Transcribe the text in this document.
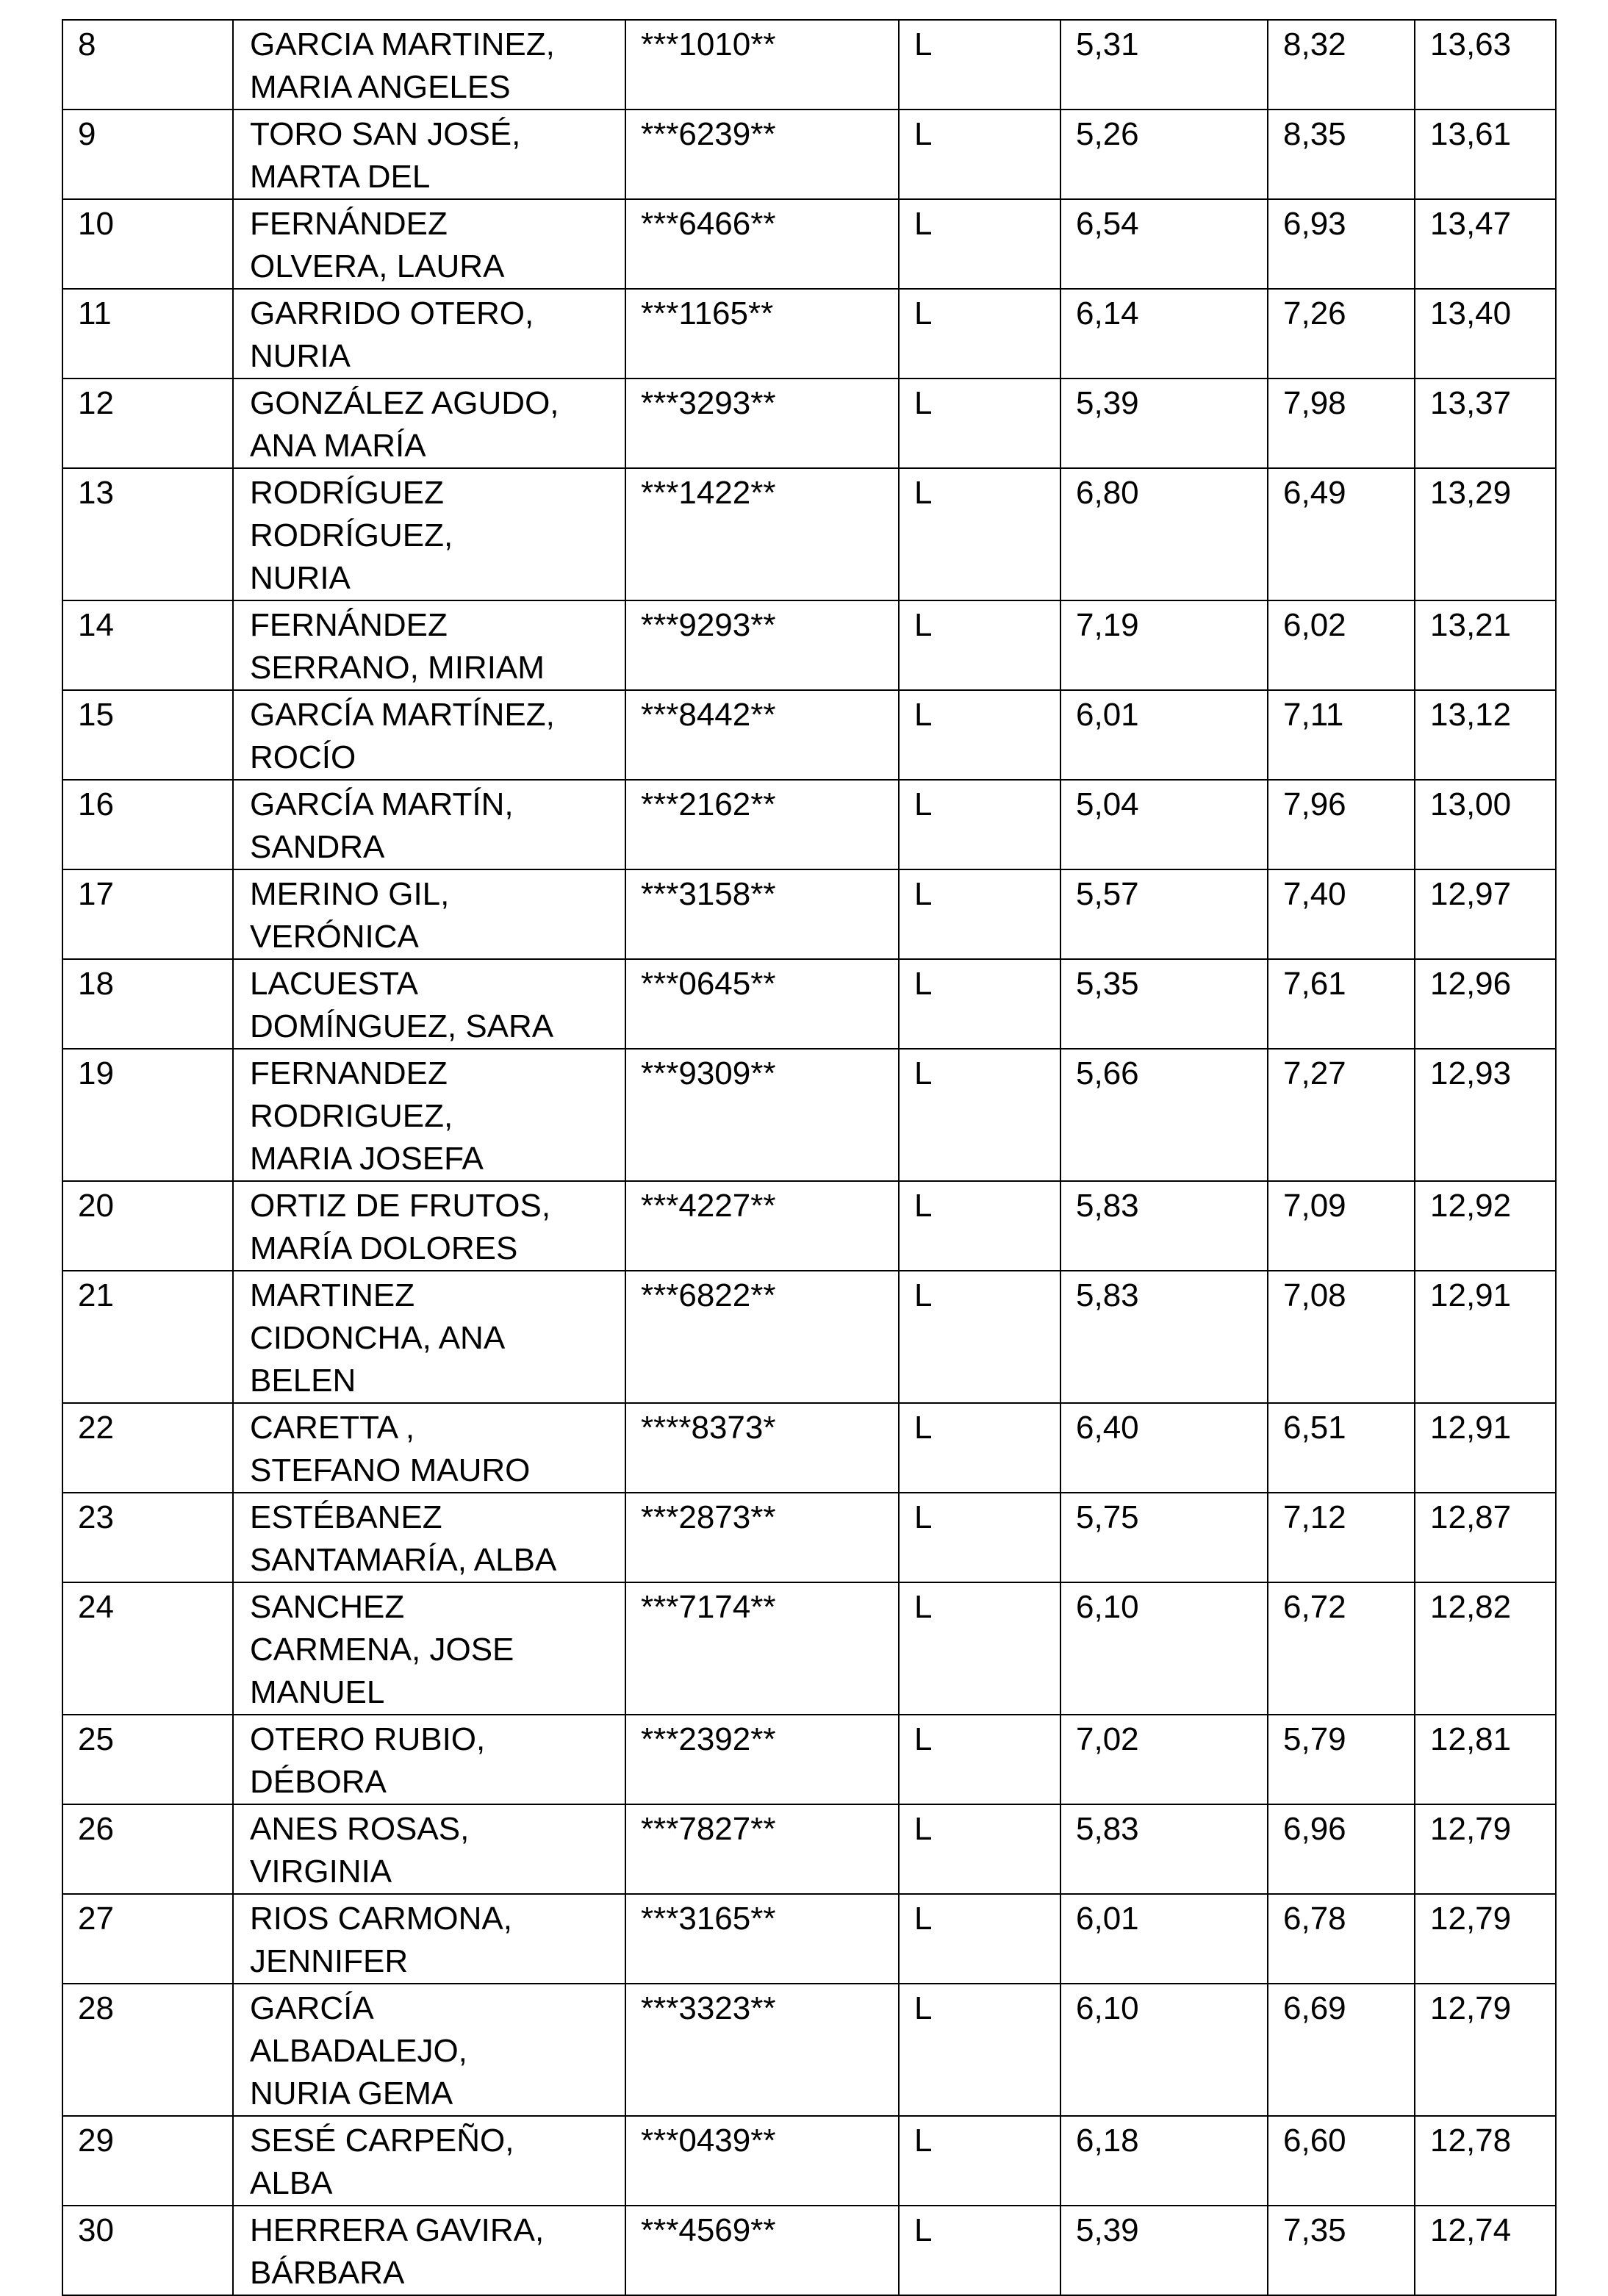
8	GARCIA MARTINEZ,
MARIA ANGELES	***1010**	L	5,31	8,32	13,63
9	TORO SAN JOSÉ,
MARTA DEL	***6239**	L	5,26	8,35	13,61
10	FERNÁNDEZ
OLVERA, LAURA	***6466**	L	6,54	6,93	13,47
11	GARRIDO OTERO,
NURIA	***1165**	L	6,14	7,26	13,40
12	GONZÁLEZ AGUDO,
ANA MARÍA	***3293**	L	5,39	7,98	13,37
13	RODRÍGUEZ
RODRÍGUEZ,
NURIA	***1422**	L	6,80	6,49	13,29
14	FERNÁNDEZ
SERRANO, MIRIAM	***9293**	L	7,19	6,02	13,21
15	GARCÍA MARTÍNEZ,
ROCÍO	***8442**	L	6,01	7,11	13,12
16	GARCÍA MARTÍN,
SANDRA	***2162**	L	5,04	7,96	13,00
17	MERINO GIL,
VERÓNICA	***3158**	L	5,57	7,40	12,97
18	LACUESTA
DOMÍNGUEZ, SARA	***0645**	L	5,35	7,61	12,96
19	FERNANDEZ
RODRIGUEZ,
MARIA JOSEFA	***9309**	L	5,66	7,27	12,93
20	ORTIZ DE FRUTOS,
MARÍA DOLORES	***4227**	L	5,83	7,09	12,92
21	MARTINEZ
CIDONCHA, ANA
BELEN	***6822**	L	5,83	7,08	12,91
22	CARETTA ,
STEFANO MAURO	****8373*	L	6,40	6,51	12,91
23	ESTÉBANEZ
SANTAMARÍA, ALBA	***2873**	L	5,75	7,12	12,87
24	SANCHEZ
CARMENA, JOSE
MANUEL	***7174**	L	6,10	6,72	12,82
25	OTERO RUBIO,
DÉBORA	***2392**	L	7,02	5,79	12,81
26	ANES ROSAS,
VIRGINIA	***7827**	L	5,83	6,96	12,79
27	RIOS CARMONA,
JENNIFER	***3165**	L	6,01	6,78	12,79
28	GARCÍA
ALBADALEJO,
NURIA GEMA	***3323**	L	6,10	6,69	12,79
29	SESÉ CARPEÑO,
ALBA	***0439**	L	6,18	6,60	12,78
30	HERRERA GAVIRA,
BÁRBARA	***4569**	L	5,39	7,35	12,74
